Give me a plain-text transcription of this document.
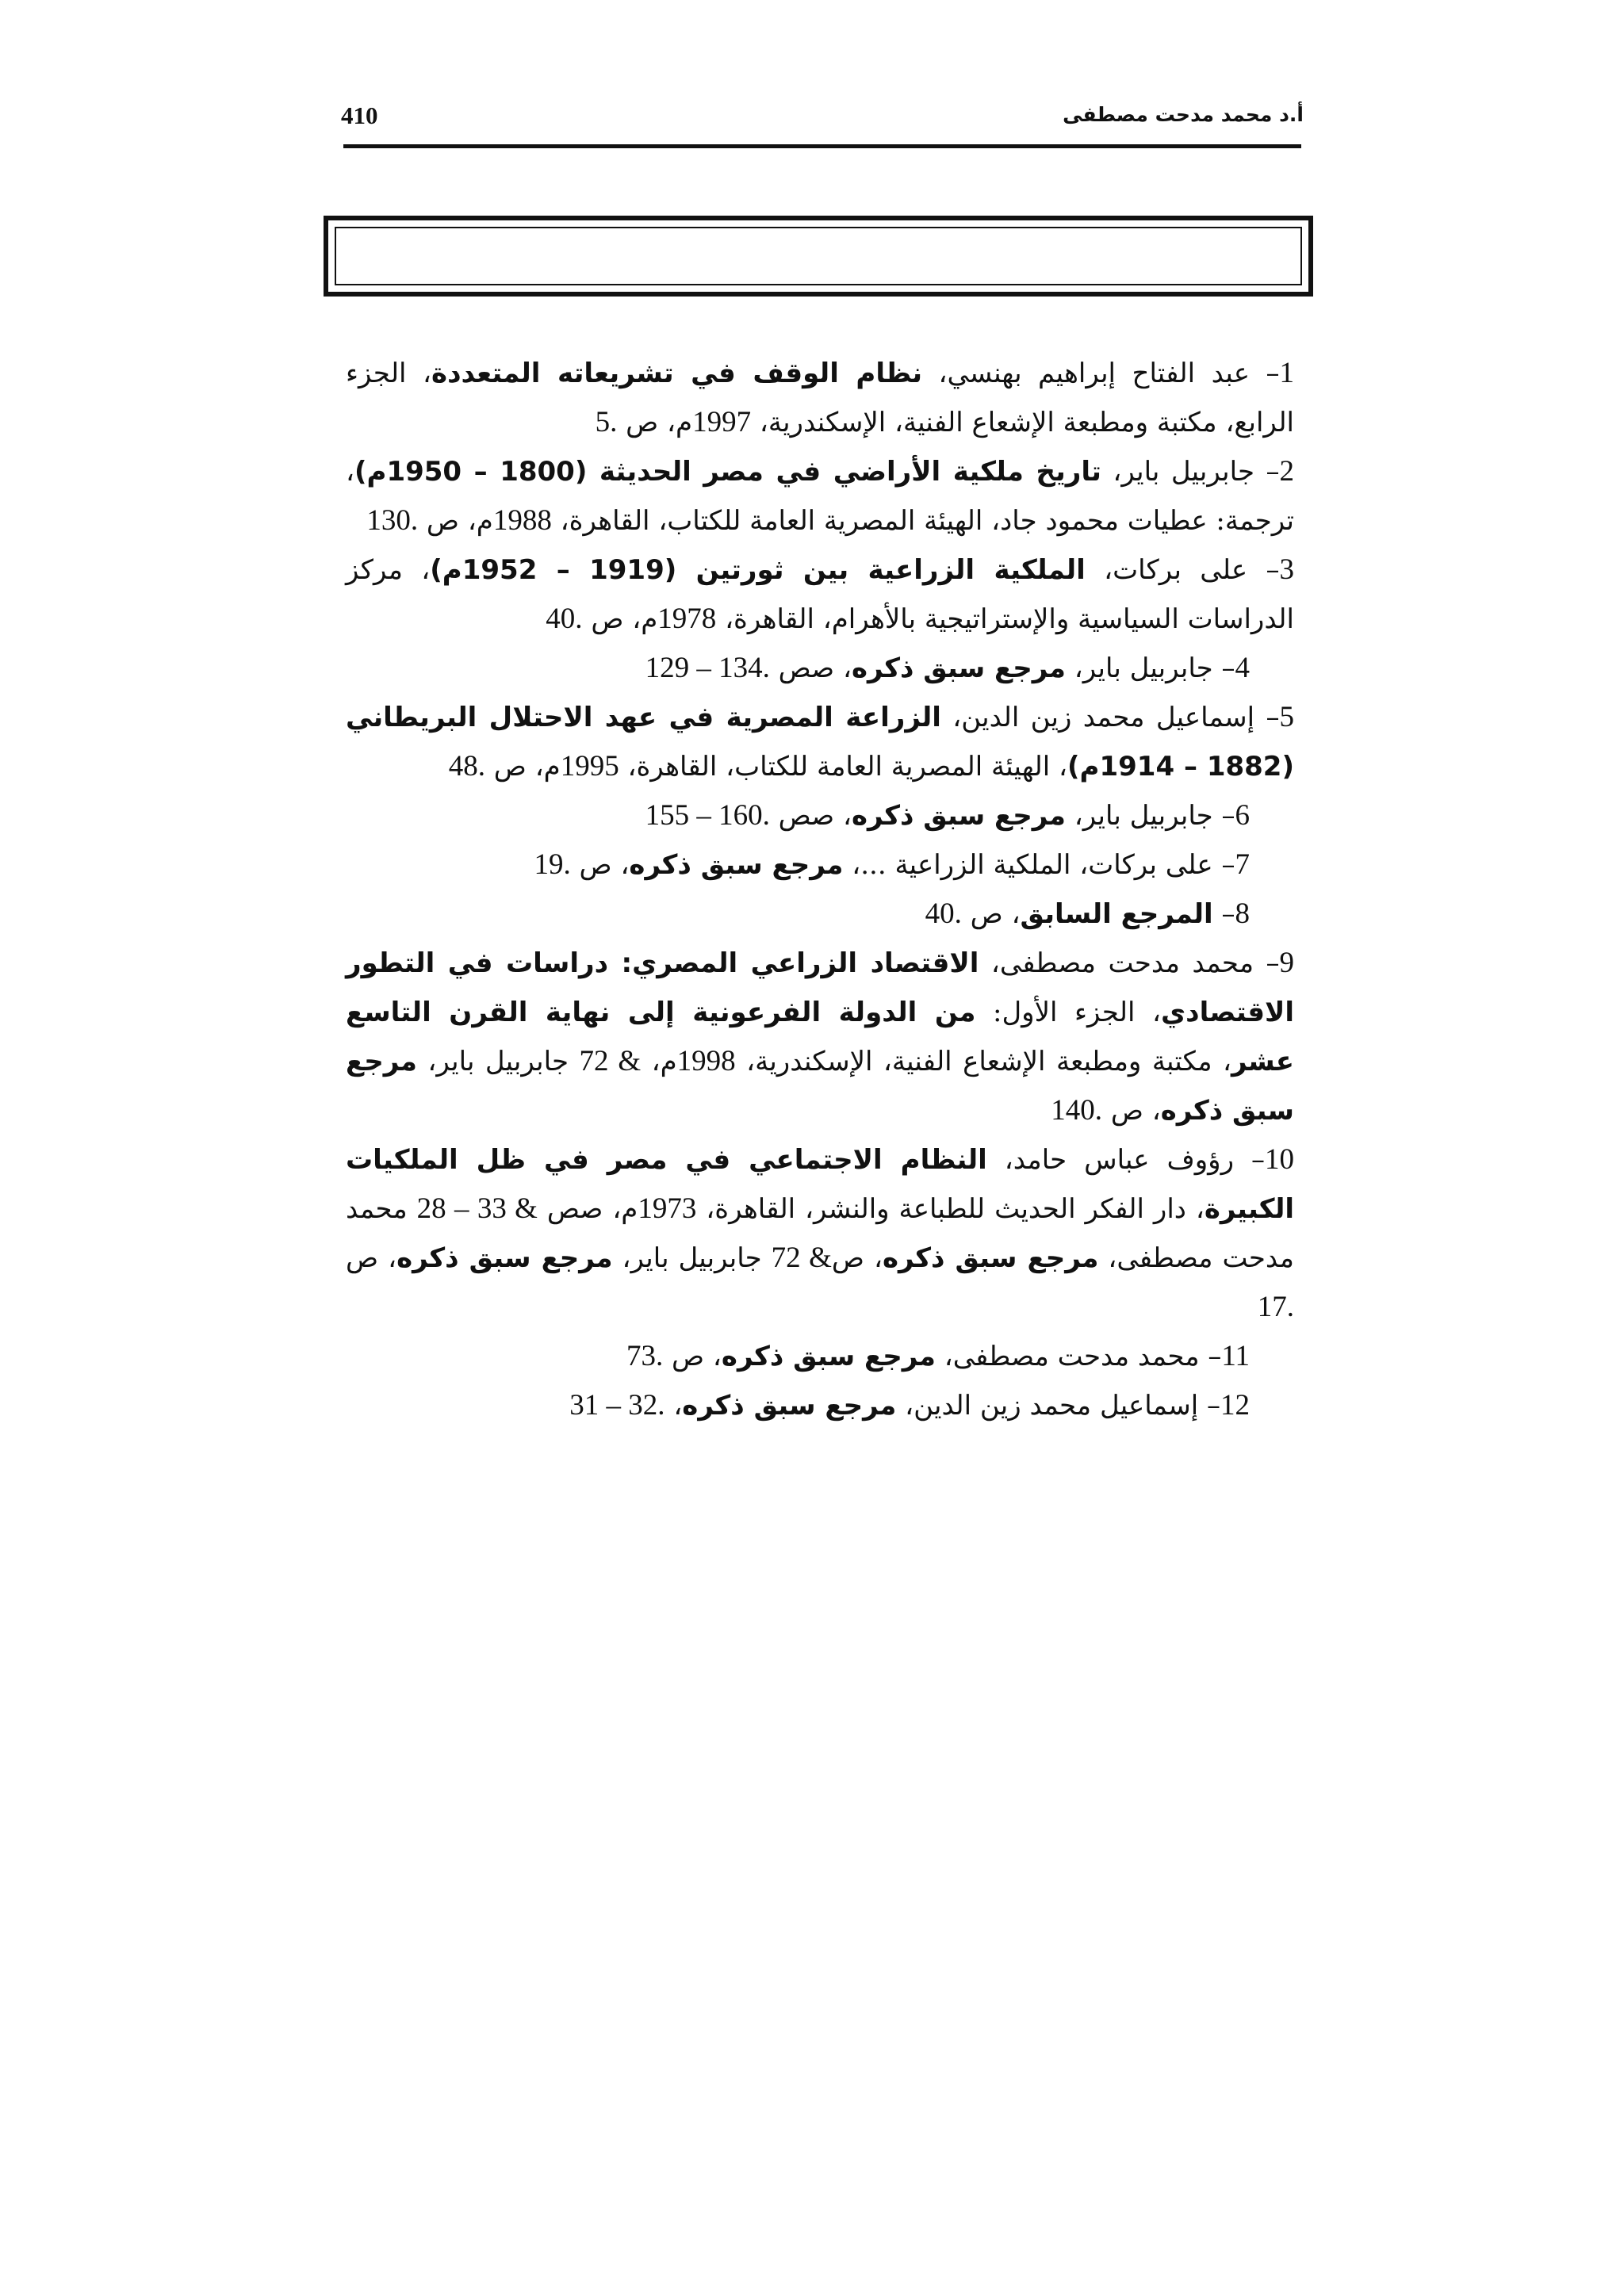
410	أ.د محمد مدحت مصطفى

1– عبد الفتاح إبراهيم بهنسي، نظام الوقف في تشريعاته المتعددة، الجزء الرابع، مكتبة ومطبعة الإشعاع الفنية، الإسكندرية، 1997م، ص 5.

2– جابربيل باير، تاريخ ملكية الأراضي في مصر الحديثة (1800 – 1950م)، ترجمة: عطيات محمود جاد، الهيئة المصرية العامة للكتاب، القاهرة، 1988م، ص 130.

3– على بركات، الملكية الزراعية بين ثورتين (1919 – 1952م)، مركز الدراسات السياسية والإستراتيجية بالأهرام، القاهرة، 1978م، ص 40.

4– جابربيل باير، مرجع سبق ذكره، صص 129 – 134.

5– إسماعيل محمد زين الدين، الزراعة المصرية في عهد الاحتلال البريطاني (1882 – 1914م)، الهيئة المصرية العامة للكتاب، القاهرة، 1995م، ص 48.

6– جابربيل باير، مرجع سبق ذكره، صص 155 – 160.

7– على بركات، الملكية الزراعية ...، مرجع سبق ذكره، ص 19.

8– المرجع السابق، ص 40.

9– محمد مدحت مصطفى، الاقتصاد الزراعي المصري: دراسات في التطور الاقتصادي، الجزء الأول: من الدولة الفرعونية إلى نهاية القرن التاسع عشر، مكتبة ومطبعة الإشعاع الفنية، الإسكندرية، 1998م، 72 & جابربيل باير، مرجع سبق ذكره، ص 140.

10– رؤوف عباس حامد، النظام الاجتماعي في مصر في ظل الملكيات الكبيرة، دار الفكر الحديث للطباعة والنشر، القاهرة، 1973م، صص 28 – 33 & محمد مدحت مصطفى، مرجع سبق ذكره، ص72 & جابربيل باير، مرجع سبق ذكره، ص 17.

11– محمد مدحت مصطفى، مرجع سبق ذكره، ص 73.

12– إسماعيل محمد زين الدين، مرجع سبق ذكره، 31 – 32.
